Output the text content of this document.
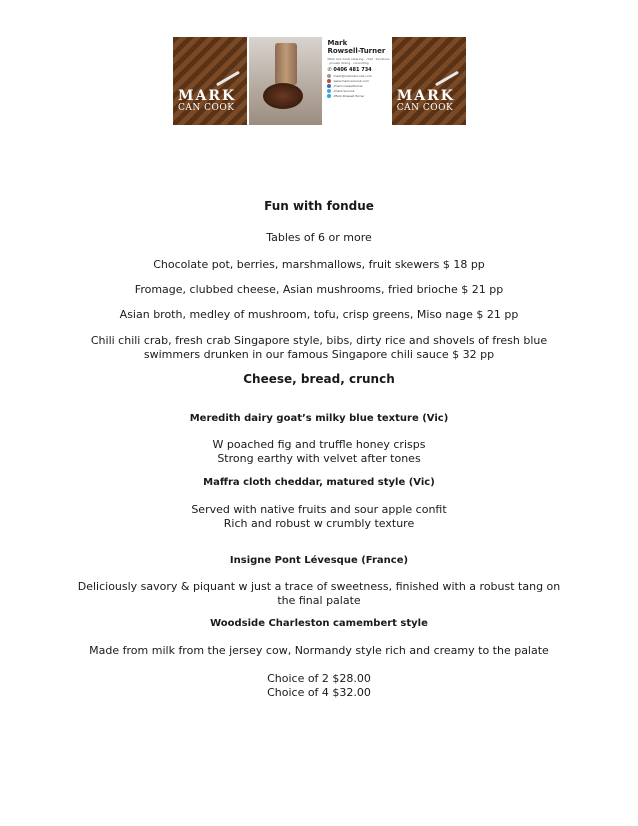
MARK
CAN COOK
Mark
Rowsell-Turner
Mark Can Cook catering · chef · functions · private dining · consulting
✆ 0406 481 734
mark@markcancook.com
www.markcancook.com
/mark.rowsellturner
/markcancook
/Mark.Rowsell.Turner MARK
CAN COOK
Fun with fondue
Tables of 6 or more
Chocolate pot, berries, marshmallows, fruit skewers $ 18 pp
Fromage, clubbed cheese, Asian mushrooms, fried brioche $ 21 pp
Asian broth, medley of mushroom, tofu, crisp greens, Miso nage $ 21 pp
Chili chili crab, fresh crab Singapore style, bibs, dirty rice and shovels of fresh blue
swimmers drunken in our famous Singapore chili sauce $ 32 pp
Cheese, bread, crunch
Meredith dairy goat’s milky blue texture (Vic)
W poached fig and truffle honey crisps
Strong earthy with velvet after tones
Maffra cloth cheddar, matured style (Vic)
Served with native fruits and sour apple confit
Rich and robust w crumbly texture
Insigne Pont Lévesque (France)
Deliciously savory & piquant w just a trace of sweetness, finished with a robust tang on
the final palate
Woodside Charleston camembert style
Made from milk from the jersey cow, Normandy style rich and creamy to the palate
Choice of 2 $28.00
Choice of 4 $32.00
